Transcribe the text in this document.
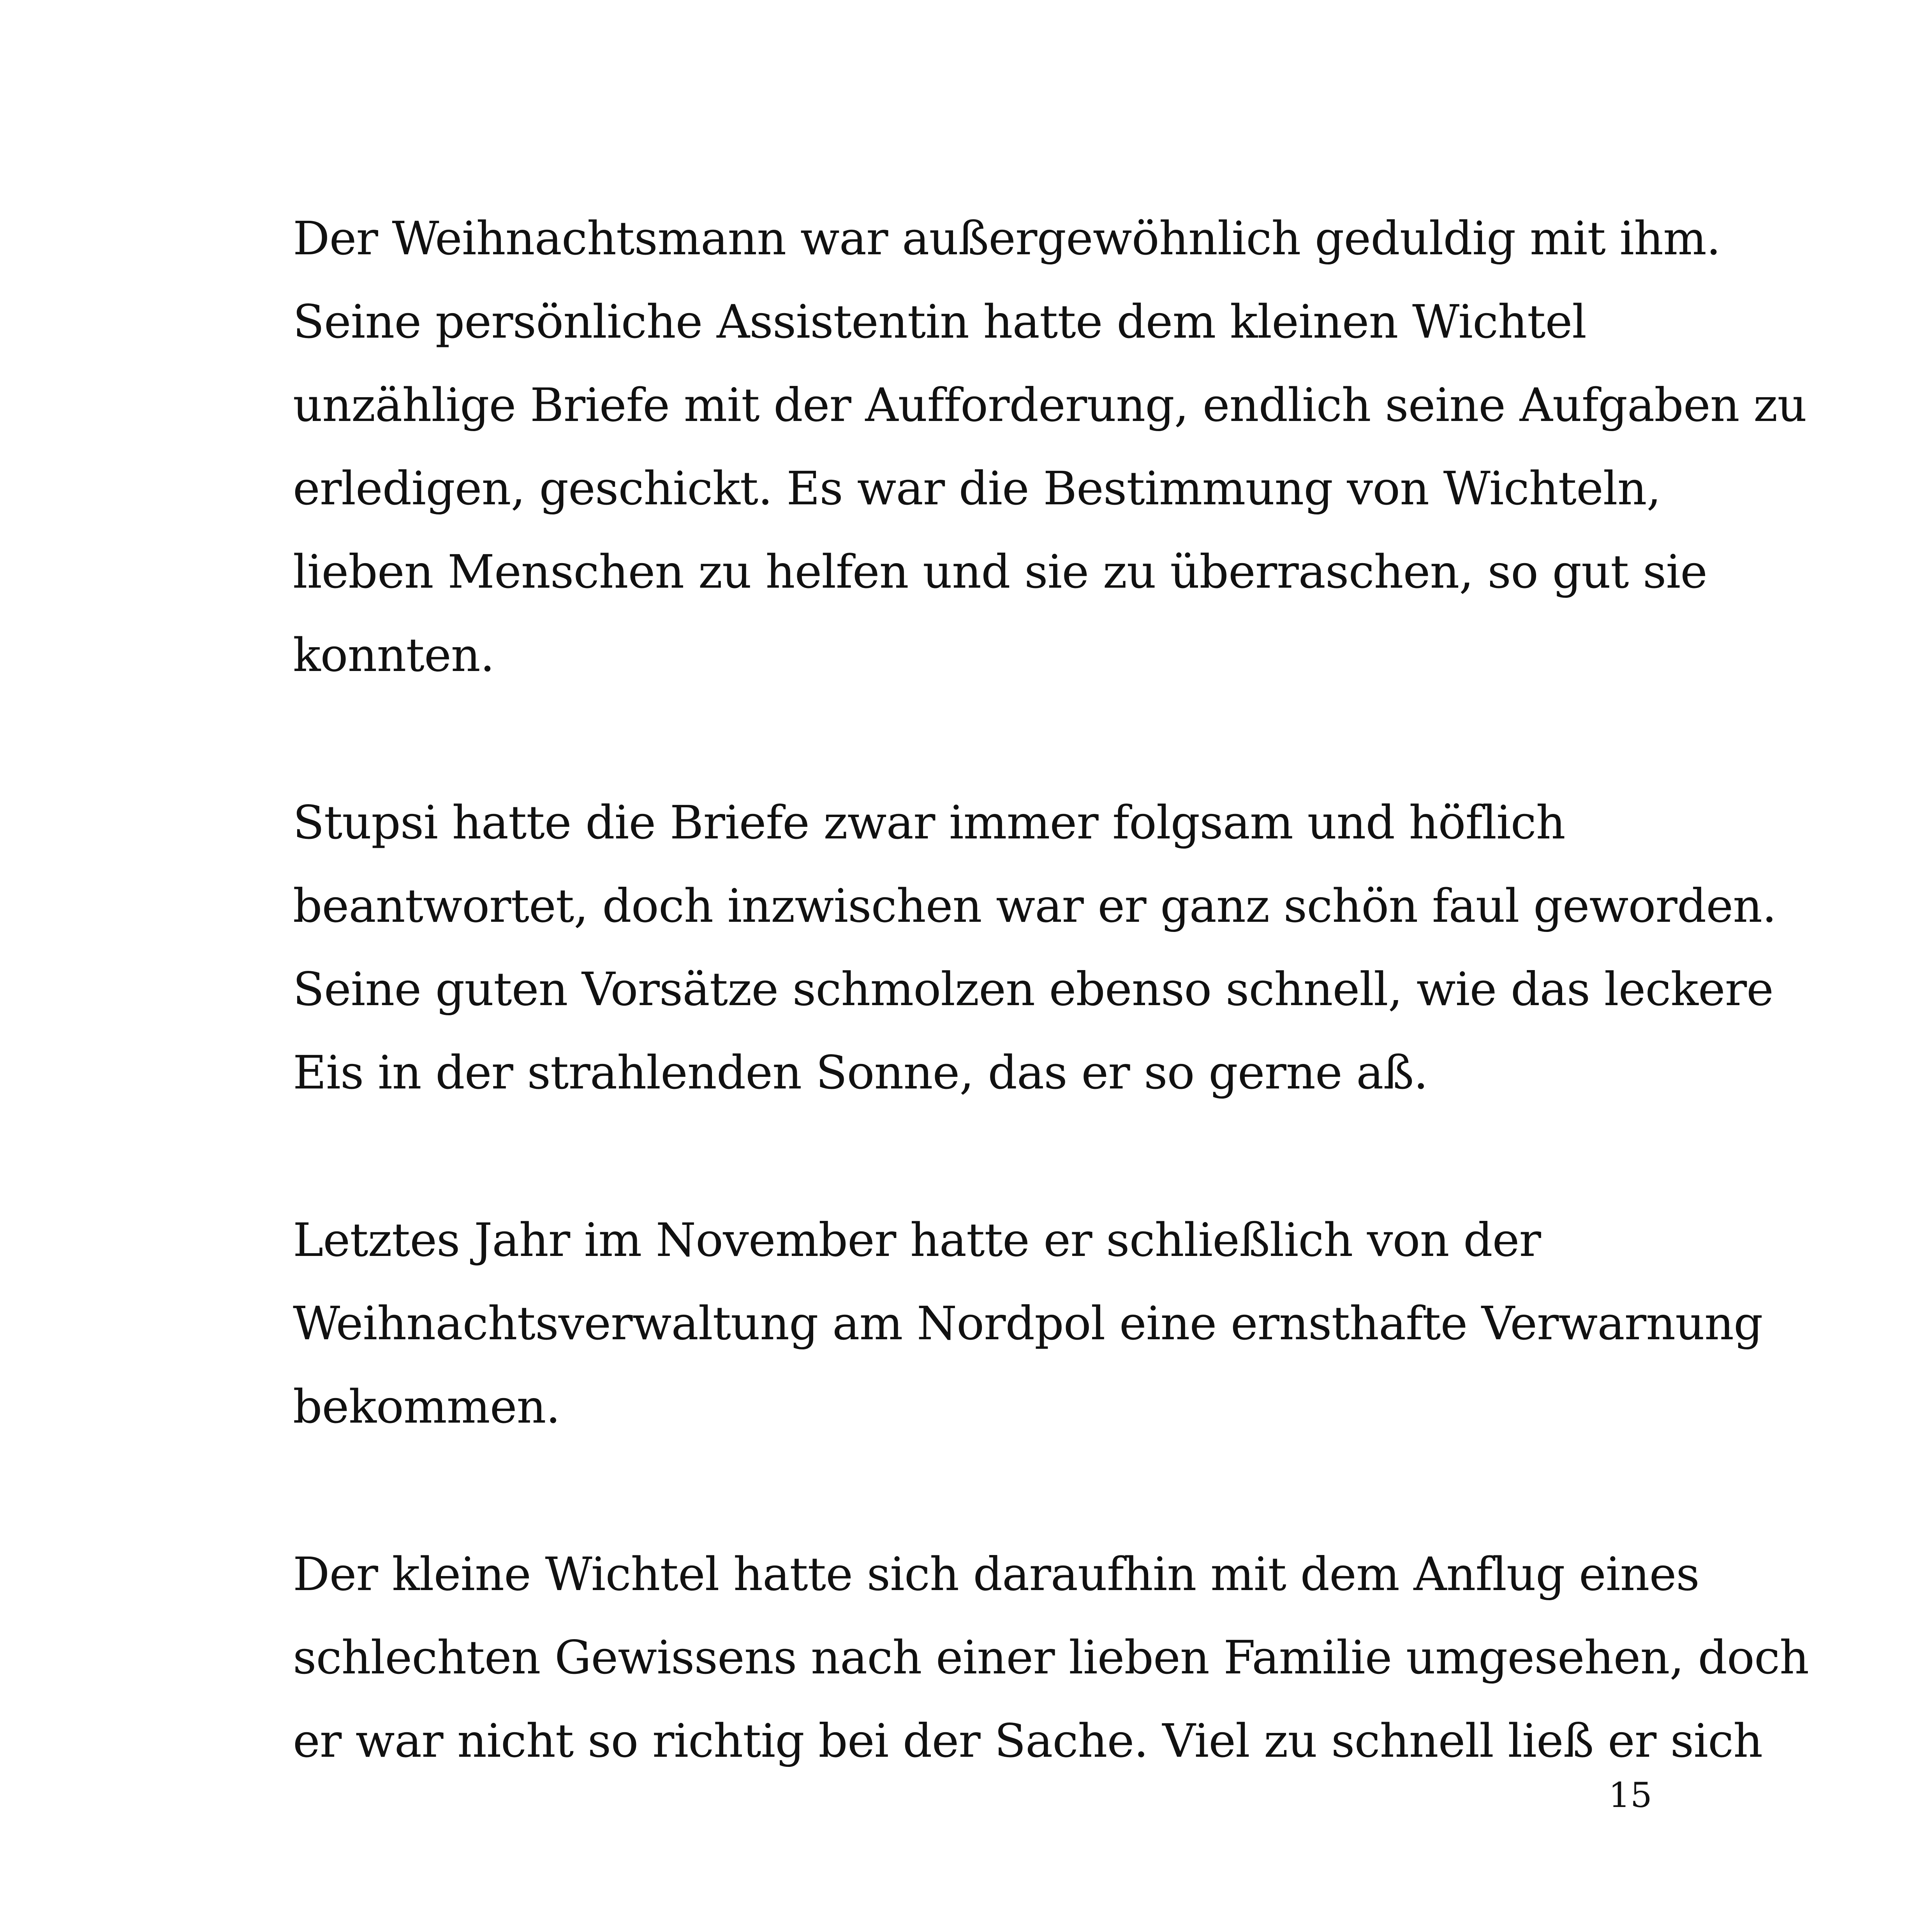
Der Weihnachtsmann war außergewöhnlich geduldig mit ihm.
Seine persönliche Assistentin hatte dem kleinen Wichtel
unzählige Briefe mit der Aufforderung, endlich seine Aufgaben zu
erledigen, geschickt. Es war die Bestimmung von Wichteln,
lieben Menschen zu helfen und sie zu überraschen, so gut sie
konnten.

Stupsi hatte die Briefe zwar immer folgsam und höflich
beantwortet, doch inzwischen war er ganz schön faul geworden.
Seine guten Vorsätze schmolzen ebenso schnell, wie das leckere
Eis in der strahlenden Sonne, das er so gerne aß.

Letztes Jahr im November hatte er schließlich von der
Weihnachtsverwaltung am Nordpol eine ernsthafte Verwarnung
bekommen.

Der kleine Wichtel hatte sich daraufhin mit dem Anflug eines
schlechten Gewissens nach einer lieben Familie umgesehen, doch
er war nicht so richtig bei der Sache. Viel zu schnell ließ er sich

15
